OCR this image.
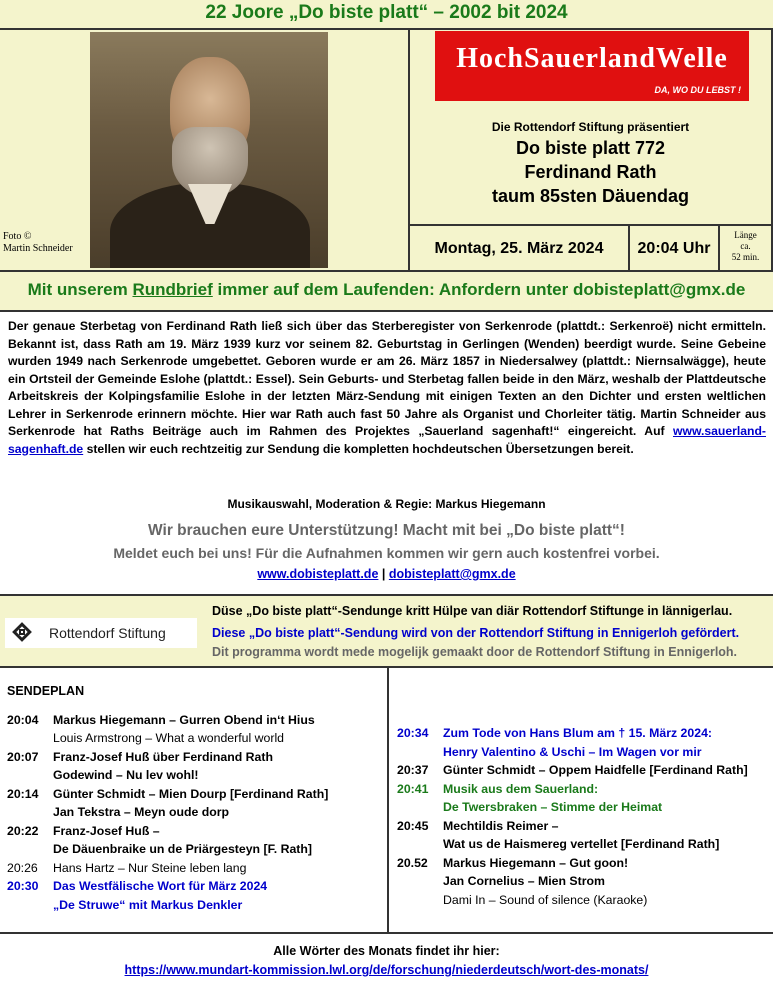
22 Joore „Do biste platt“ – 2002 bit 2024
Foto ©
Martin Schneider
HochSauerlandWelle
DA, WO DU LEBST !
Die Rottendorf Stiftung präsentiert
Do biste platt 772
Ferdinand Rath
taum 85sten Däuendag
Montag, 25. März 2024	20:04 Uhr
Länge
ca.
52 min.
Mit unserem Rundbrief immer auf dem Laufenden: Anfordern unter dobisteplatt@gmx.de
Der genaue Sterbetag von Ferdinand Rath ließ sich über das Sterberegister von Serkenrode (plattdt.: Serkenroë) nicht ermitteln. Bekannt ist, dass Rath am 19. März 1939 kurz vor seinem 82. Geburtstag in Gerlingen (Wenden) beerdigt wurde. Seine Gebeine wurden 1949 nach Serkenrode umgebettet. Geboren wurde er am 26. März 1857 in Niedersalwey (plattdt.: Niernsalwägge), heute ein Ortsteil der Gemeinde Eslohe (plattdt.: Essel). Sein Geburts- und Sterbetag fallen beide in den März, weshalb der Plattdeutsche Arbeitskreis der Kolpingsfamilie Eslohe in der letzten März-Sendung mit einigen Texten an den Dichter und ersten weltlichen Lehrer in Serkenrode erinnern möchte. Hier war Rath auch fast 50 Jahre als Organist und Chorleiter tätig. Martin Schneider aus Serkenrode hat Raths Beiträge auch im Rahmen des Projektes „Sauerland sagenhaft!“ eingereicht. Auf www.sauerland-sagenhaft.de stellen wir euch rechtzeitig zur Sendung die kompletten hochdeutschen Übersetzungen bereit.
Musikauswahl, Moderation & Regie: Markus Hiegemann
Wir brauchen eure Unterstützung! Macht mit bei „Do biste platt“!
Meldet euch bei uns! Für die Aufnahmen kommen wir gern auch kostenfrei vorbei.
www.dobisteplatt.de | dobisteplatt@gmx.de
Rottendorf Stiftung
Düse „Do biste platt“-Sendunge kritt Hülpe van diär Rottendorf Stiftunge in lännigerlau.
Diese „Do biste platt“-Sendung wird von der Rottendorf Stiftung in Ennigerloh gefördert.
Dit programma wordt mede mogelijk gemaakt door de Rottendorf Stiftung in Ennigerloh.
SENDEPLAN
20:04	Markus Hiegemann – Gurren Obend in‘t Hius
Louis Armstrong – What a wonderful world
20:07	Franz-Josef Huß über Ferdinand Rath
Godewind – Nu lev wohl!
20:14	Günter Schmidt – Mien Dourp [Ferdinand Rath]
Jan Tekstra – Meyn oude dorp
20:22	Franz-Josef Huß –
De Däuenbraike un de Priärgesteyn [F. Rath]
20:26	Hans Hartz – Nur Steine leben lang
20:30	Das Westfälische Wort für März 2024
„De Struwe“ mit Markus Denkler
20:34	Zum Tode von Hans Blum am † 15. März 2024:
Henry Valentino & Uschi – Im Wagen vor mir
20:37	Günter Schmidt – Oppem Haidfelle [Ferdinand Rath]
20:41	Musik aus dem Sauerland:
De Twersbraken – Stimme der Heimat
20:45	Mechtildis Reimer –
Wat us de Haismereg vertellet [Ferdinand Rath]
20.52	Markus Hiegemann – Gut goon!
Jan Cornelius – Mien Strom
Dami In – Sound of silence (Karaoke)
Alle Wörter des Monats findet ihr hier:
https://www.mundart-kommission.lwl.org/de/forschung/niederdeutsch/wort-des-monats/
